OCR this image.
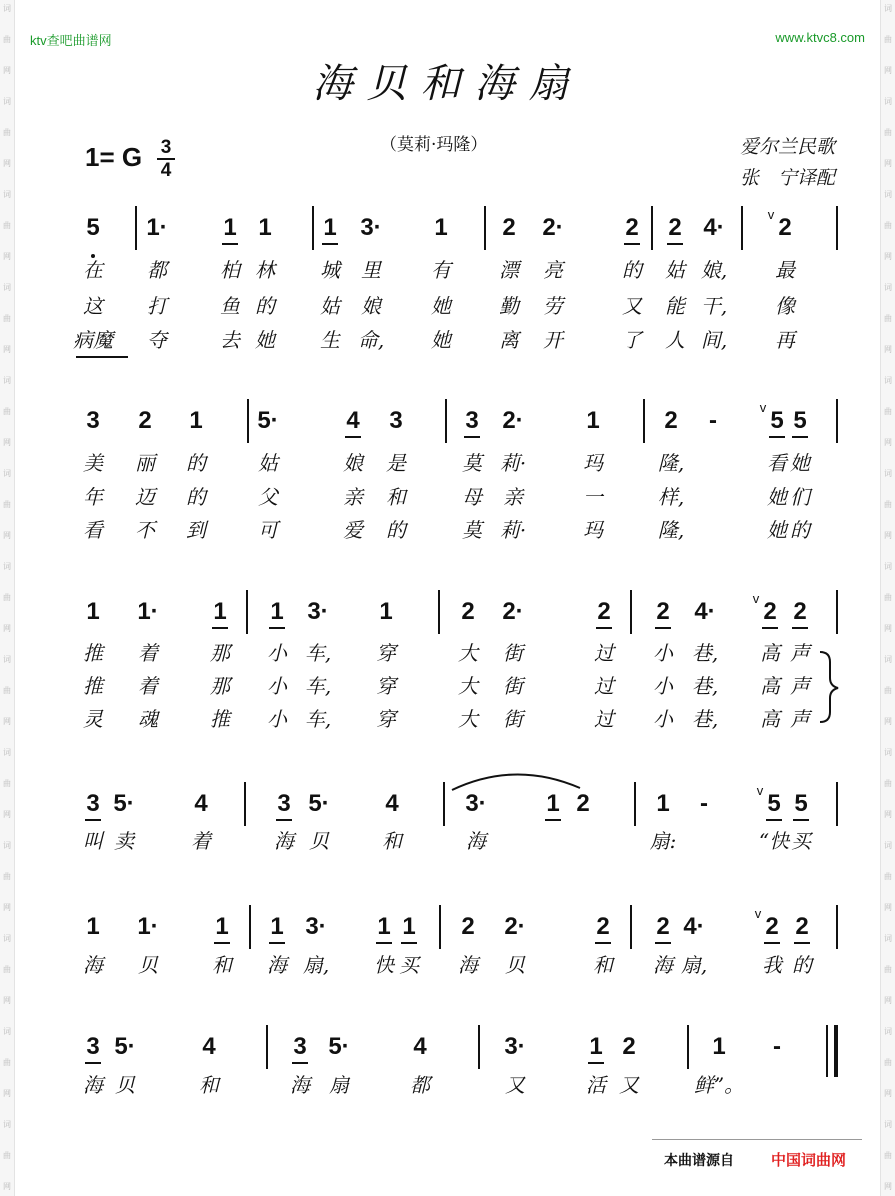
词
曲
网
词
曲
网
词
曲
网
词
曲
网
词
曲
网
词
曲
网
词
曲
网
词
曲
网
词
曲
网
词
曲
网
词
曲
网
词
曲
网
词
曲
网
词
曲
网
词
曲
网
词
曲
网
词
曲
网
词
曲
网
词
曲
网
词
曲
网
词
曲
网
词
曲
网
词
曲
网
词
曲
网
词
曲
网
词
曲
网
ktv查吧曲谱网	www.ktvc8.com
海贝和海扇
1= G 3
4
（莫莉·玛隆）	爱尔兰民歌
张　宁译配
5 1· 1 1 1 3· 1 2 2·	2 2 4· 2
v
在 都	柏 林 城 里	有 漂 亮	的 姑 娘, 最
这 打	鱼 的 姑 娘	她 勤 劳	又 能 干, 像
病魔 夺	去 她 生 命, 她 离 开	了 人 间, 再
3 2 1 5·	4 3	3 2·	1	2 - 5
v 5
美 丽 的	姑	娘 是	莫 莉·	玛	隆,	看 她
年 迈 的	父	亲 和	母 亲	一	样,	她 们
看 不 到	可	爱 的	莫 莉·	玛	隆,	她 的
1 1· 1 1 3· 1	2 2·	2 2 4· 2
v 2
推 着	那 小 车, 穿	大 街	过 小 巷, 高 声
推 着	那 小 车, 穿	大 街	过 小 巷, 高 声
灵 魂	推 小 车, 穿	大 街	过 小 巷, 高 声
3 5· 4	3 5· 4	3· 1 2	1 - 5
v 5
叫 卖	着	海 贝	和	海	扇:	“快 买
1 1· 1 1 3· 1 1 2 2·	2 2 4·	2
v 2
海 贝	和 海 扇, 快 买 海 贝	和 海 扇,	我 的
3 5·	4	3 5·	4	3·	1 2	1 -
海 贝	和	海 扇	都	又	活 又	鲜”。
本曲谱源自 中国词曲网
